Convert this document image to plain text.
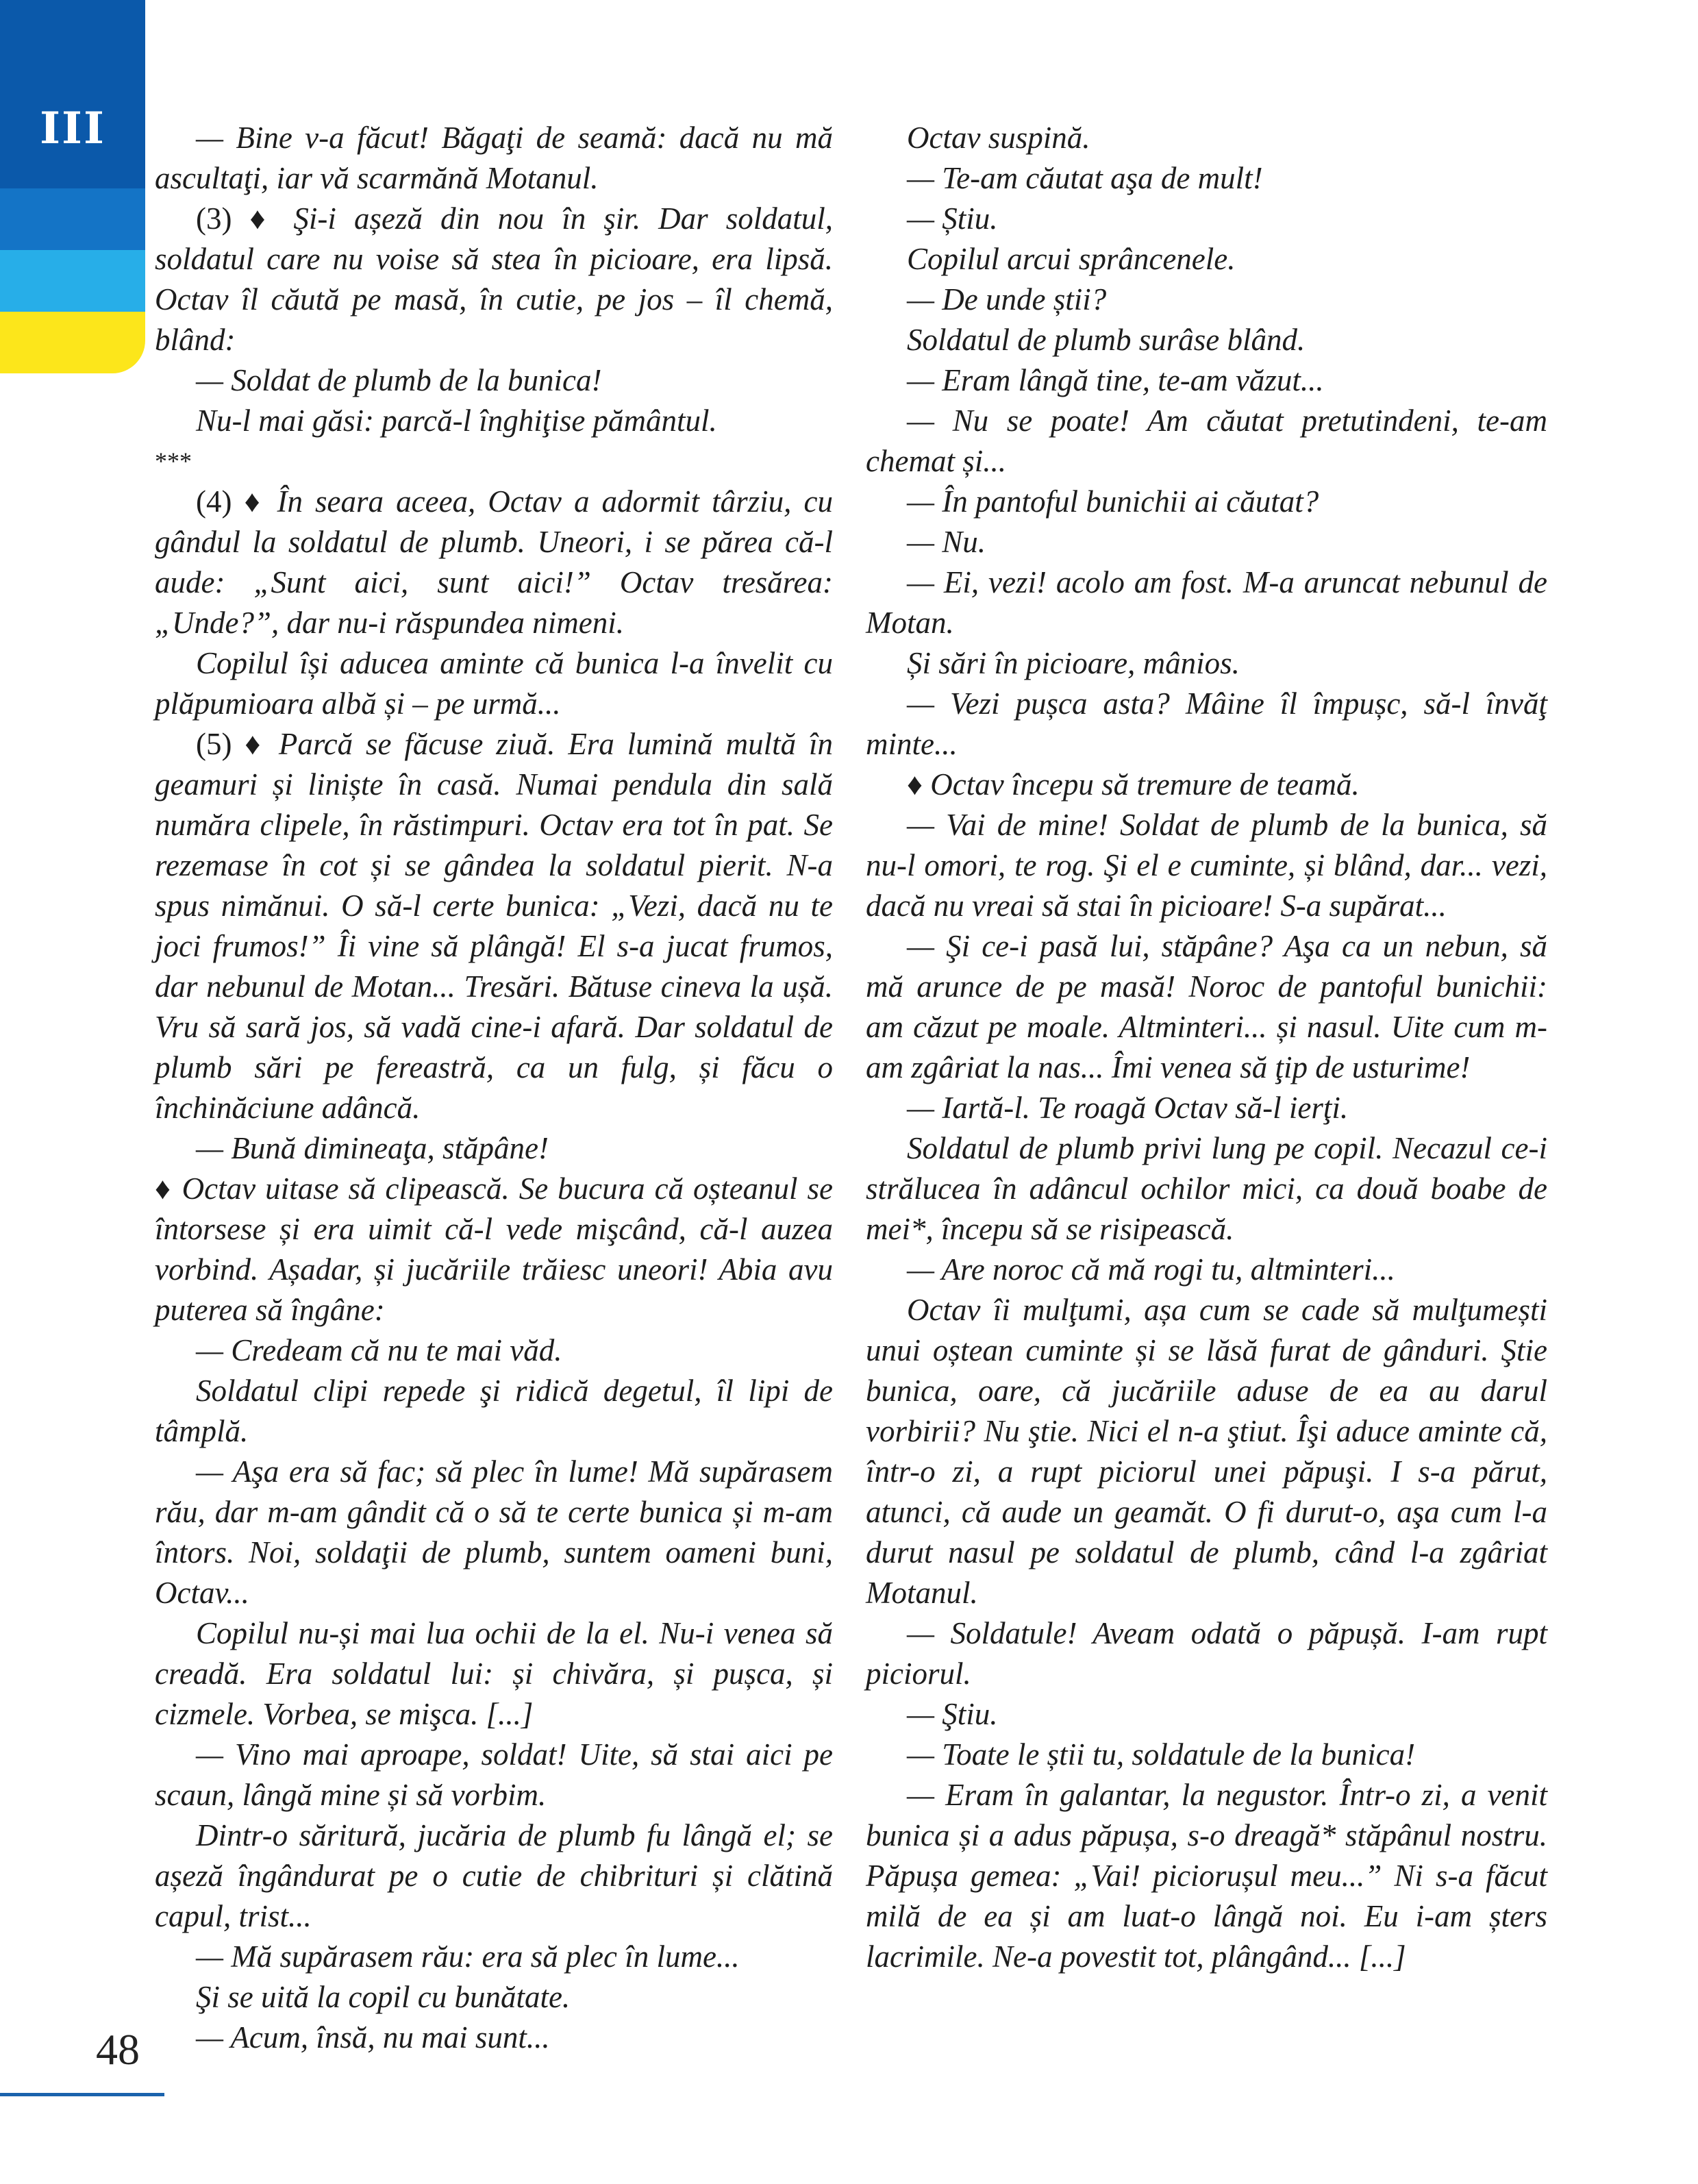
III	— Bine v-a făcut! Băgaţi de seamă: dacă nu mă ascultaţi, iar vă scarmănă Motanul.

(3) ♦ Şi-i așeză din nou în şir. Dar soldatul, soldatul care nu voise să stea în picioare, era lipsă. Octav îl căută pe masă, în cutie, pe jos – îl chemă, blând:

— Soldat de plumb de la bunica!

Nu-l mai găsi: parcă-l înghiţise pământul.

***

(4) ♦ În seara aceea, Octav a adormit târziu, cu gândul la soldatul de plumb. Uneori, i se părea că-l aude: „Sunt aici, sunt aici!” Octav tresărea: „Unde?”, dar nu-i răspundea nimeni.

Copilul își aducea aminte că bunica l-a învelit cu plăpumioara albă și – pe urmă...

(5) ♦ Parcă se făcuse ziuă. Era lumină multă în geamuri și liniște în casă. Numai pendula din sală număra clipele, în răstimpuri. Octav era tot în pat. Se rezemase în cot și se gândea la soldatul pierit. N-a spus nimănui. O să-l certe bunica: „Vezi, dacă nu te joci frumos!” Îi vine să plângă! El s-a jucat frumos, dar nebunul de Motan... Tresări. Bătuse cineva la ușă. Vru să sară jos, să vadă cine-i afară. Dar soldatul de plumb sări pe fereastră, ca un fulg, și făcu o închinăciune adâncă.

— Bună dimineaţa, stăpâne!

♦ Octav uitase să clipească. Se bucura că oșteanul se întorsese și era uimit că-l vede mişcând, că-l auzea vorbind. Așadar, și jucăriile trăiesc uneori! Abia avu puterea să îngâne:

— Credeam că nu te mai văd.

Soldatul clipi repede şi ridică degetul, îl lipi de tâmplă.

— Aşa era să fac; să plec în lume! Mă supărasem rău, dar m-am gândit că o să te certe bunica și m-am întors. Noi, soldaţii de plumb, suntem oameni buni, Octav...

Copilul nu-și mai lua ochii de la el. Nu-i venea să creadă. Era soldatul lui: și chivăra, și pușca, și cizmele. Vorbea, se mişca. [...]

— Vino mai aproape, soldat! Uite, să stai aici pe scaun, lângă mine și să vorbim.

Dintr-o săritură, jucăria de plumb fu lângă el; se așeză îngândurat pe o cutie de chibrituri și clătină capul, trist...

— Mă supărasem rău: era să plec în lume...

Şi se uită la copil cu bunătate.

— Acum, însă, nu mai sunt...

Octav suspină.

— Te-am căutat aşa de mult!

— Știu.

Copilul arcui sprâncenele.

— De unde știi?

Soldatul de plumb surâse blând.

— Eram lângă tine, te-am văzut...

— Nu se poate! Am căutat pretutindeni, te-am chemat și...

— În pantoful bunichii ai căutat?

— Nu.

— Ei, vezi! acolo am fost. M-a aruncat nebunul de Motan.

Și sări în picioare, mânios.

— Vezi pușca asta? Mâine îl împușc, să-l învăţ minte...

♦ Octav începu să tremure de teamă.

— Vai de mine! Soldat de plumb de la bunica, să nu-l omori, te rog. Şi el e cuminte, și blând, dar... vezi, dacă nu vreai să stai în picioare! S-a supărat...

— Şi ce-i pasă lui, stăpâne? Aşa ca un nebun, să mă arunce de pe masă! Noroc de pantoful bunichii: am căzut pe moale. Altminteri... și nasul. Uite cum m-am zgâriat la nas... Îmi venea să ţip de usturime!

— Iartă-l. Te roagă Octav să-l ierţi.

Soldatul de plumb privi lung pe copil. Necazul ce-i strălucea în adâncul ochilor mici, ca două boabe de mei*, începu să se risipească.

— Are noroc că mă rogi tu, altminteri...

Octav îi mulţumi, așa cum se cade să mulţumești unui oștean cuminte și se lăsă furat de gânduri. Ştie bunica, oare, că jucăriile aduse de ea au darul vorbirii? Nu ştie. Nici el n-a ştiut. Îşi aduce aminte că, într-o zi, a rupt piciorul unei păpuşi. I s-a părut, atunci, că aude un geamăt. O fi durut-o, aşa cum l-a durut nasul pe soldatul de plumb, când l-a zgâriat Motanul.

— Soldatule! Aveam odată o păpușă. I-am rupt piciorul.

— Ştiu.

— Toate le știi tu, soldatule de la bunica!

— Eram în galantar, la negustor. Într-o zi, a venit bunica și a adus păpușa, s-o dreagă* stăpânul nostru. Păpușa gemea: „Vai! piciorușul meu...” Ni s-a făcut milă de ea și am luat-o lângă noi. Eu i-am șters lacrimile. Ne-a povestit tot, plângând... [...]

48
